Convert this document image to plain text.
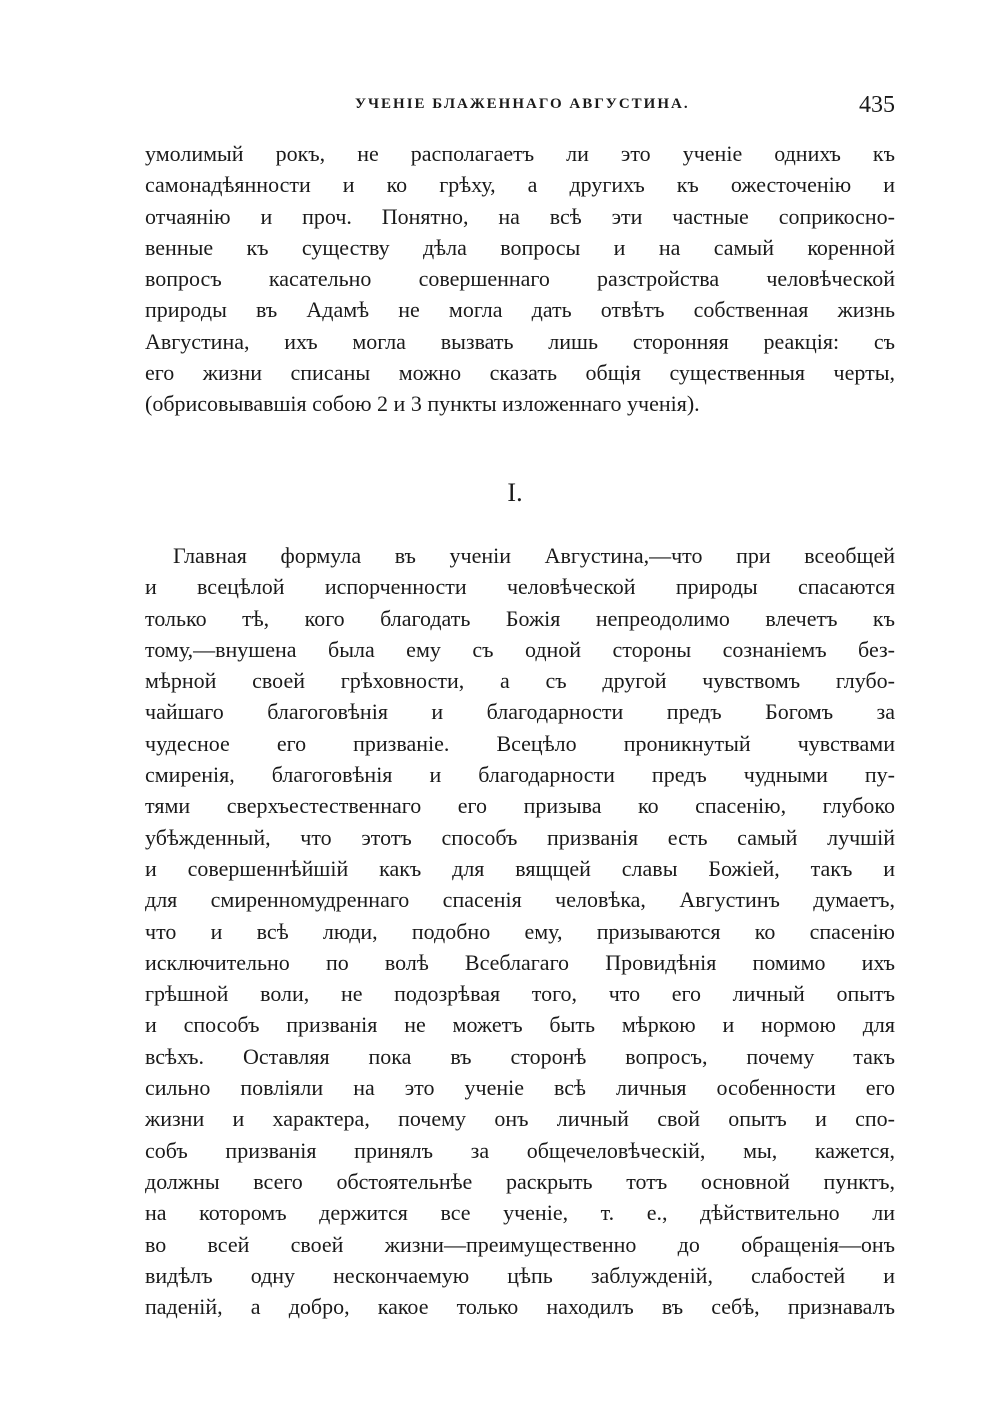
УЧЕНІЕ БЛАЖЕННАГО АВГУСТИНА.	435
умолимый рокъ, не располагаетъ ли это ученіе однихъ къ
самонадѣянности и ко грѣху, а другихъ къ ожесточенію и
отчаянію и проч. Понятно, на всѣ эти частные соприкосно-
венные къ существу дѣла вопросы и на самый коренной
вопросъ касательно совершеннаго разстройства человѣческой
природы въ Адамѣ не могла дать отвѣтъ собственная жизнь
Августина, ихъ могла вызвать лишь сторонняя реакція: съ
его жизни списаны можно сказать общія существенныя черты,
(обрисовывавшія собою 2 и 3 пункты изложеннаго ученія).
I.
Главная формула въ ученіи Августина,—что при всеобщей
и всецѣлой испорченности человѣческой природы спасаются
только тѣ, кого благодать Божія непреодолимо влечетъ къ
тому,—внушена была ему съ одной стороны сознаніемъ без-
мѣрной своей грѣховности, а съ другой чувствомъ глубо-
чайшаго благоговѣнія и благодарности предъ Богомъ за
чудесное его призваніе. Всецѣло проникнутый чувствами
смиренія, благоговѣнія и благодарности предъ чудными пу-
тями сверхъестественнаго его призыва ко спасенію, глубоко
убѣжденный, что этотъ способъ призванія есть самый лучшій
и совершеннѣйшій какъ для вящщей славы Божіей, такъ и
для смиренномудреннаго спасенія человѣка, Августинъ думаетъ,
что и всѣ люди, подобно ему, призываются ко спасенію
исключительно по волѣ Всеблагаго Провидѣнія помимо ихъ
грѣшной воли, не подозрѣвая того, что его личный опытъ
и способъ призванія не можетъ быть мѣркою и нормою для
всѣхъ. Оставляя пока въ сторонѣ вопросъ, почему такъ
сильно повліяли на это ученіе всѣ личныя особенности его
жизни и характера, почему онъ личный свой опытъ и спо-
собъ призванія принялъ за общечеловѣческій, мы, кажется,
должны всего обстоятельнѣе раскрыть тотъ основной пунктъ,
на которомъ держится все ученіе, т. е., дѣйствительно ли
во всей своей жизни—преимущественно до обращенія—онъ
видѣлъ одну нескончаемую цѣпь заблужденій, слабостей и
паденій, а добро, какое только находилъ въ себѣ, признавалъ
